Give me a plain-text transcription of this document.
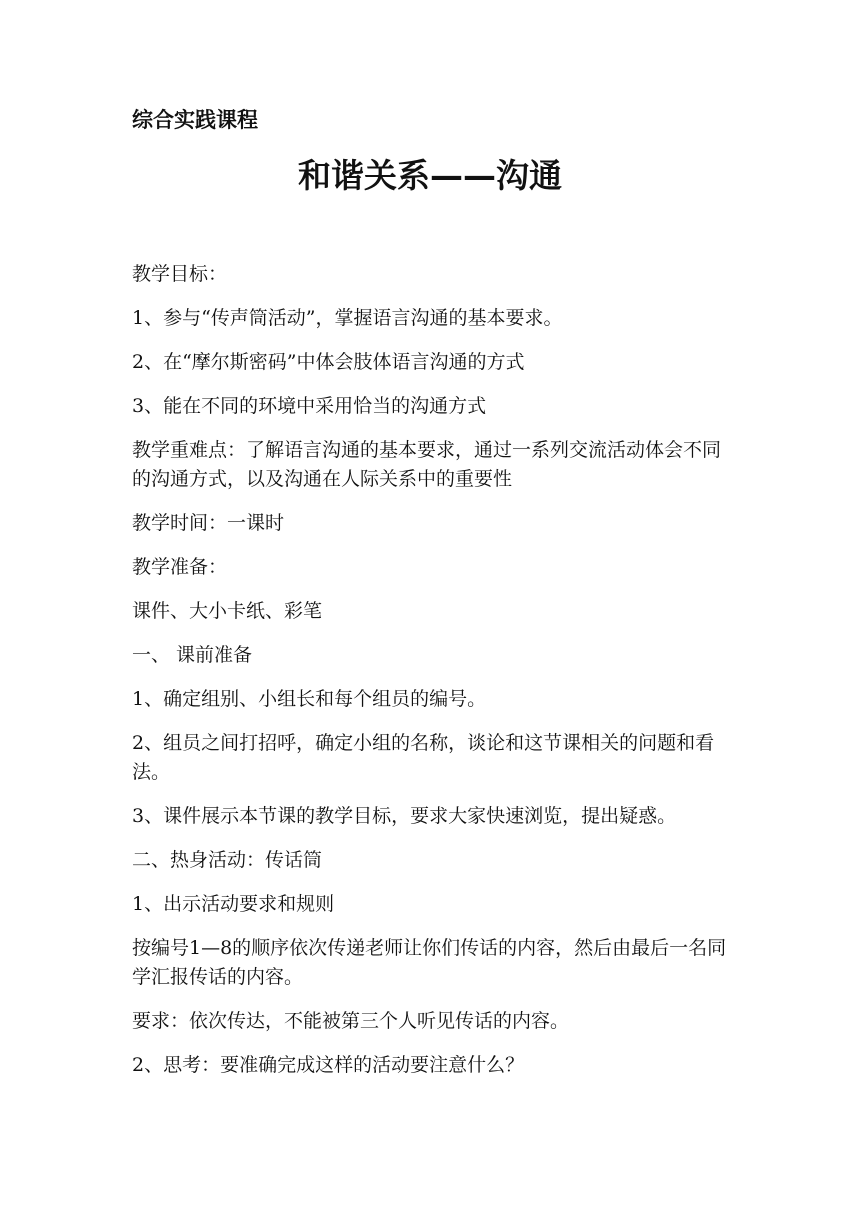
综合实践课程

和谐关系——沟通

教学目标：

1、参与“传声筒活动”，掌握语言沟通的基本要求。

2、在“摩尔斯密码”中体会肢体语言沟通的方式

3、能在不同的环境中采用恰当的沟通方式

教学重难点：了解语言沟通的基本要求，通过一系列交流活动体会不同的沟通方式，以及沟通在人际关系中的重要性

教学时间：一课时

教学准备：

课件、大小卡纸、彩笔

一、 课前准备

1、确定组别、小组长和每个组员的编号。

2、组员之间打招呼，确定小组的名称，谈论和这节课相关的问题和看法。

3、课件展示本节课的教学目标，要求大家快速浏览，提出疑惑。

二、热身活动：传话筒

1、出示活动要求和规则

按编号1—8的顺序依次传递老师让你们传话的内容，然后由最后一名同学汇报传话的内容。

要求：依次传达，不能被第三个人听见传话的内容。

2、思考：要准确完成这样的活动要注意什么？
